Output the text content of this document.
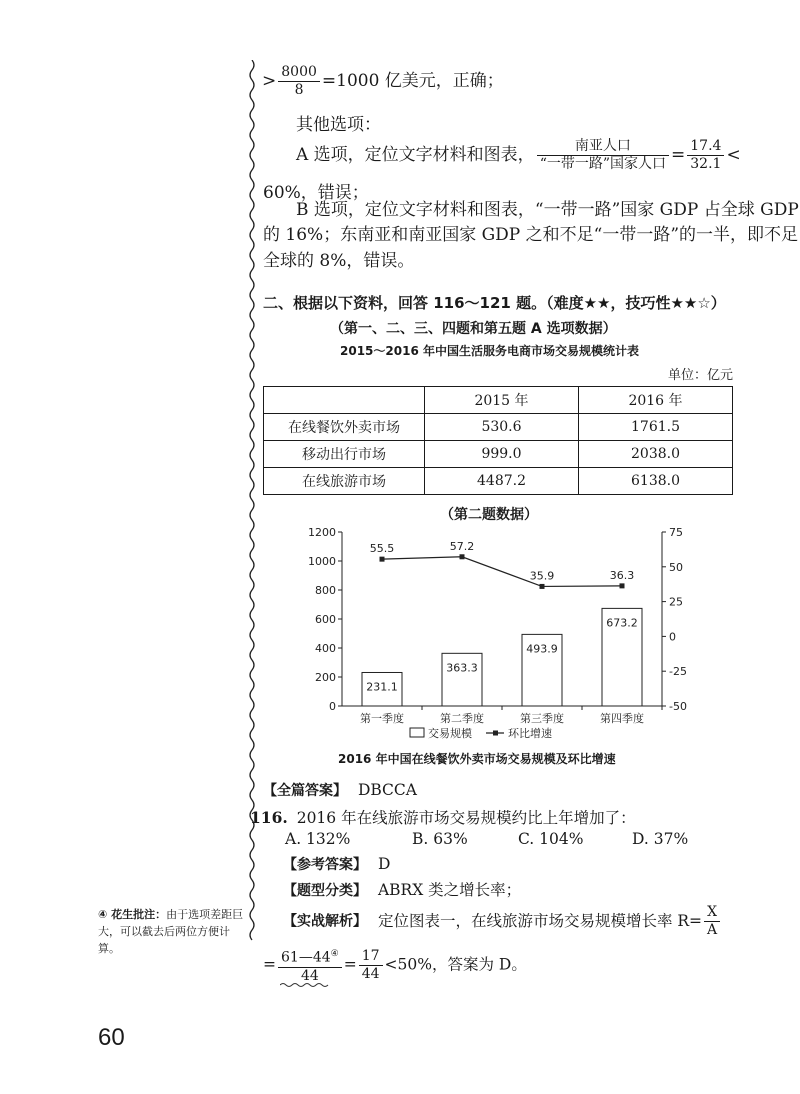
> $\frac{8000}{8} =1000$ 亿美元，正确；
其他选项：
A 选项，定位文字材料和图表， $\frac{\text{南亚人口}}{\text{“一带一路”国家人口}} = \frac{17.4}{32.1}$ <
60%，错误；
B 选项，定位文字材料和图表，“一带一路”国家 GDP 占全球 GDP
的 16%；东南亚和南亚国家 GDP 之和不足“一带一路”的一半，即不足
全球的 8%，错误。
二、根据以下资料，回答 116～121 题。（难度★★，技巧性★★☆）
（第一、二、三、四题和第五题 A 选项数据）
2015～2016 年中国生活服务电商市场交易规模统计表
单位：亿元
	2015 年	2016 年
在线餐饮外卖市场	530.6	1761.5
移动出行市场	999.0	2038.0
在线旅游市场	4487.2	6138.0
（第二题数据）
0
200
400
600
800
1000
1200
-50
-25
0
25
50
75
231.1
第一季度
363.3
第二季度
493.9
第三季度
673.2
第四季度
55.5	57.2
35.9	36.3
交易规模	环比增速
2016 年中国在线餐饮外卖市场交易规模及环比增速
【全篇答案】 DBCCA
116. 2016 年在线旅游市场交易规模约比上年增加了：
A. 132%	B. 63%	C. 104%	D. 37%
【参考答案】 D
【题型分类】 ABRX 类之增长率；
【实战解析】 定位图表一，在线旅游市场交易规模增长率 $R= \frac{X}{A}$
= $\frac{61—44^④}{44} = \frac{17}{44} <50\%$，答案为 D。
④ 花生批注：由于选项差距巨大，可以截去后两位方便计算。
60
